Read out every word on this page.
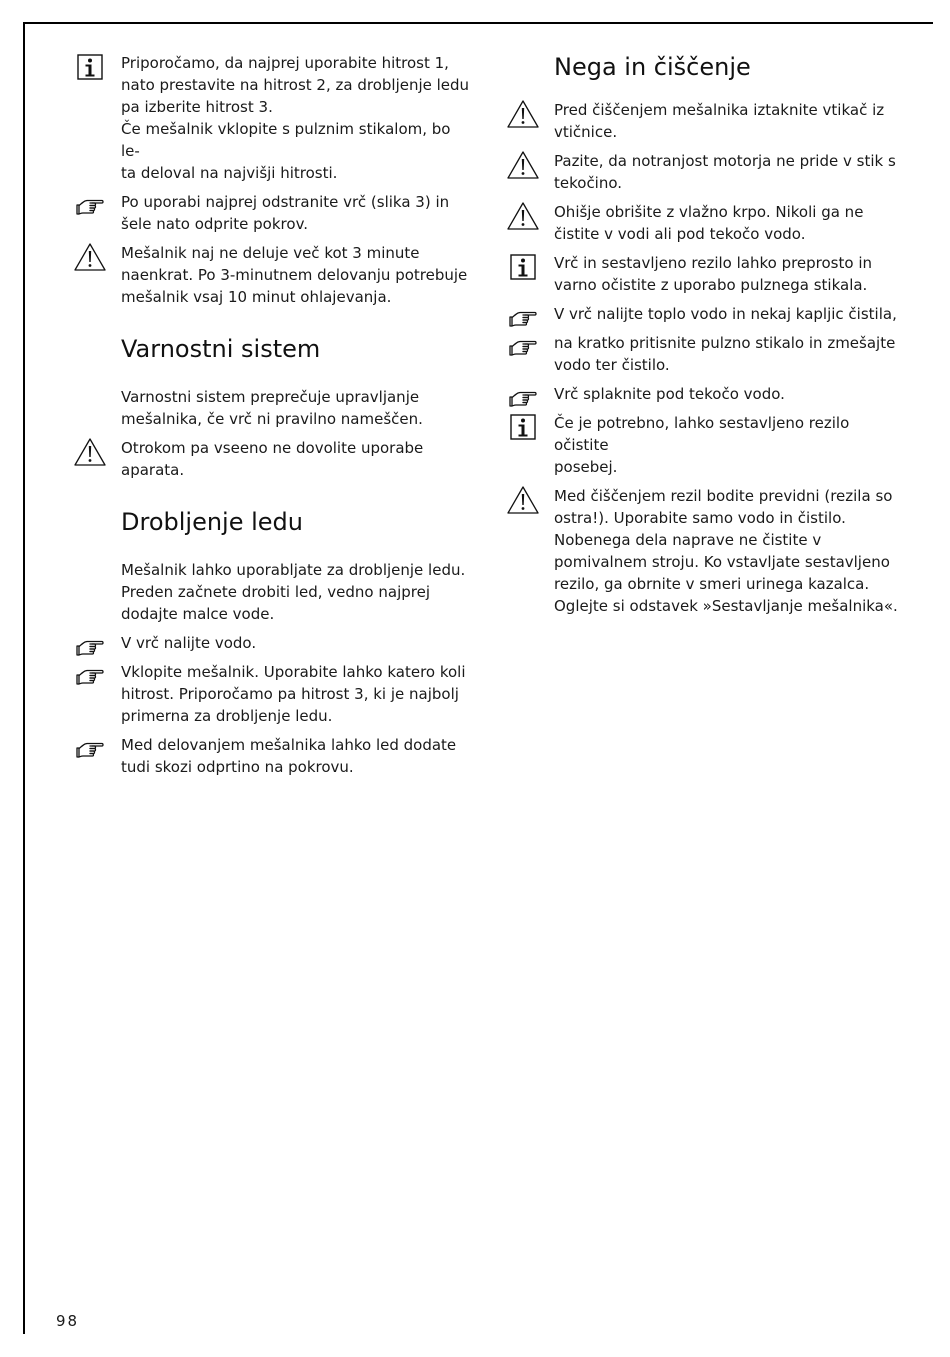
Priporočamo, da najprej uporabite hitrost 1,
nato prestavite na hitrost 2, za drobljenje ledu
pa izberite hitrost 3.
Če mešalnik vklopite s pulznim stikalom, bo le-
ta deloval na najvišji hitrosti.

Po uporabi najprej odstranite vrč (slika 3) in
šele nato odprite pokrov.

Mešalnik naj ne deluje več kot 3 minute
naenkrat. Po 3-minutnem delovanju potrebuje
mešalnik vsaj 10 minut ohlajevanja.

Varnostni sistem
Varnostni sistem preprečuje upravljanje
mešalnika, če vrč ni pravilno nameščen.

Otrokom pa vseeno ne dovolite uporabe
aparata.

Drobljenje ledu
Mešalnik lahko uporabljate za drobljenje ledu.
Preden začnete drobiti led, vedno najprej
dodajte malce vode.

V vrč nalijte vodo.

Vklopite mešalnik. Uporabite lahko katero koli
hitrost. Priporočamo pa hitrost 3, ki je najbolj
primerna za drobljenje ledu.

Med delovanjem mešalnika lahko led dodate
tudi skozi odprtino na pokrovu.

Nega in čiščenje

Pred čiščenjem mešalnika iztaknite vtikač iz
vtičnice.

Pazite, da notranjost motorja ne pride v stik s
tekočino.

Ohišje obrišite z vlažno krpo. Nikoli ga ne
čistite v vodi ali pod tekočo vodo.

Vrč in sestavljeno rezilo lahko preprosto in
varno očistite z uporabo pulznega stikala.

V vrč nalijte toplo vodo in nekaj kapljic čistila,

na kratko pritisnite pulzno stikalo in zmešajte
vodo ter čistilo.

Vrč splaknite pod tekočo vodo.

Če je potrebno, lahko sestavljeno rezilo očistite
posebej.

Med čiščenjem rezil bodite previdni (rezila so
ostra!). Uporabite samo vodo in čistilo.
Nobenega dela naprave ne čistite v
pomivalnem stroju. Ko vstavljate sestavljeno
rezilo, ga obrnite v smeri urinega kazalca.
Oglejte si odstavek »Sestavljanje mešalnika«.

98
